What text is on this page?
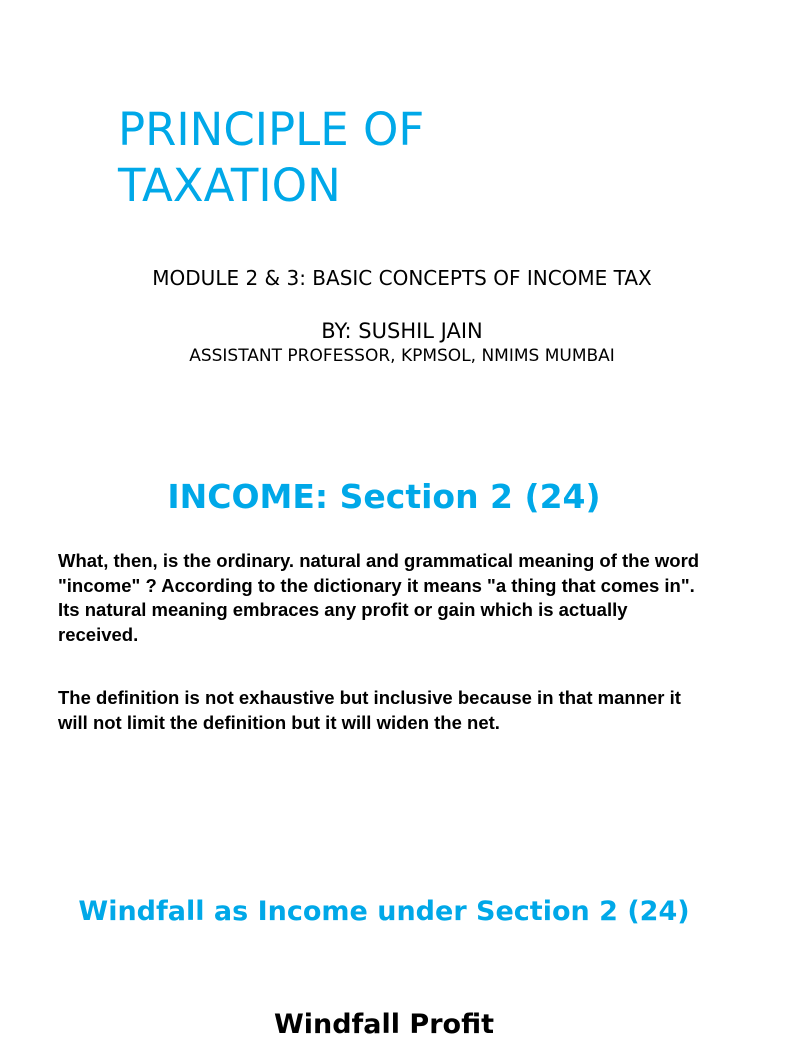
PRINCIPLE OF TAXATION

MODULE 2 & 3: BASIC CONCEPTS OF INCOME TAX

BY: SUSHIL JAIN

ASSISTANT PROFESSOR, KPMSOL, NMIMS MUMBAI

INCOME: Section 2 (24)

What, then, is the ordinary. natural and grammatical meaning of the word "income" ? According to the dictionary it means "a thing that comes in". Its natural meaning embraces any profit or gain which is actually received.

The definition is not exhaustive but inclusive because in that manner it will not limit the definition but it will widen the net.

Windfall as Income under Section 2 (24)
Windfall Profit
